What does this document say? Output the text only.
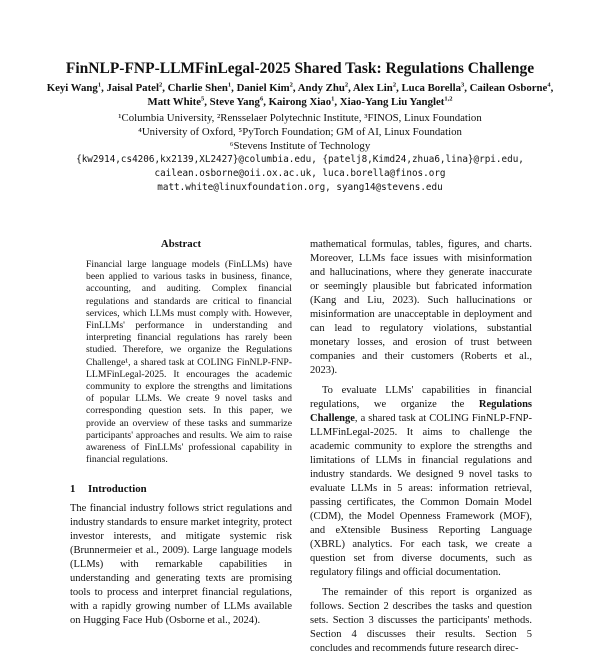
FinNLP-FNP-LLMFinLegal-2025 Shared Task: Regulations Challenge
Keyi Wang$^1$, Jaisal Patel$^2$, Charlie Shen$^1$, Daniel Kim$^2$, Andy Zhu$^2$, Alex Lin$^2$, Luca Borella$^3$, Cailean Osborne$^4$, Matt White$^5$, Steve Yang$^6$, Kairong Xiao$^1$, Xiao-Yang Liu Yanglet$^{1,2}$
¹Columbia University, ²Rensselaer Polytechnic Institute, ³FINOS, Linux Foundation
⁴University of Oxford, ⁵PyTorch Foundation; GM of AI, Linux Foundation
⁶Stevens Institute of Technology
{kw2914,cs4206,kx2139,XL2427}@columbia.edu, {patelj8,Kimd24,zhua6,lina}@rpi.edu,
cailean.osborne@oii.ox.ac.uk, luca.borella@finos.org
matt.white@linuxfoundation.org, syang14@stevens.edu
Abstract

Financial large language models (FinLLMs) have been applied to various tasks in business, finance, accounting, and auditing. Complex financial regulations and standards are critical to financial services, which LLMs must comply with. However, FinLLMs' performance in understanding and interpreting financial regulations has rarely been studied. Therefore, we organize the Regulations Challenge¹, a shared task at COLING FinNLP-FNP-LLMFinLegal-2025. It encourages the academic community to explore the strengths and limitations of popular LLMs. We create 9 novel tasks and corresponding question sets. In this paper, we provide an overview of these tasks and summarize participants' approaches and results. We aim to raise awareness of FinLLMs' professional capability in financial regulations.

1 Introduction

The financial industry follows strict regulations and industry standards to ensure market integrity, protect investor interests, and mitigate systemic risk (Brunnermeier et al., 2009). Large language models (LLMs) with remarkable capabilities in understanding and generating texts are promising tools to process and interpret financial regulations, with a rapidly growing number of LLMs available on Hugging Face Hub (Osborne et al., 2024).

mathematical formulas, tables, figures, and charts. Moreover, LLMs face issues with misinformation and hallucinations, where they generate inaccurate or seemingly plausible but fabricated information (Kang and Liu, 2023). Such hallucinations or misinformation are unacceptable in deployment and can lead to regulatory violations, substantial monetary losses, and erosion of trust between companies and their customers (Roberts et al., 2023).

To evaluate LLMs' capabilities in financial regulations, we organize the Regulations Challenge, a shared task at COLING FinNLP-FNP-LLMFinLegal-2025. It aims to challenge the academic community to explore the strengths and limitations of LLMs in financial regulations and industry standards. We designed 9 novel tasks to evaluate LLMs in 5 areas: information retrieval, passing certificates, the Common Domain Model (CDM), the Model Openness Framework (MOF), and eXtensible Business Reporting Language (XBRL) analytics. For each task, we create a question set from diverse documents, such as regulatory filings and official documentation.

The remainder of this report is organized as follows. Section 2 describes the tasks and question sets. Section 3 discusses the participants' methods. Section 4 discusses their results. Section 5 concludes and recommends future research direc-
